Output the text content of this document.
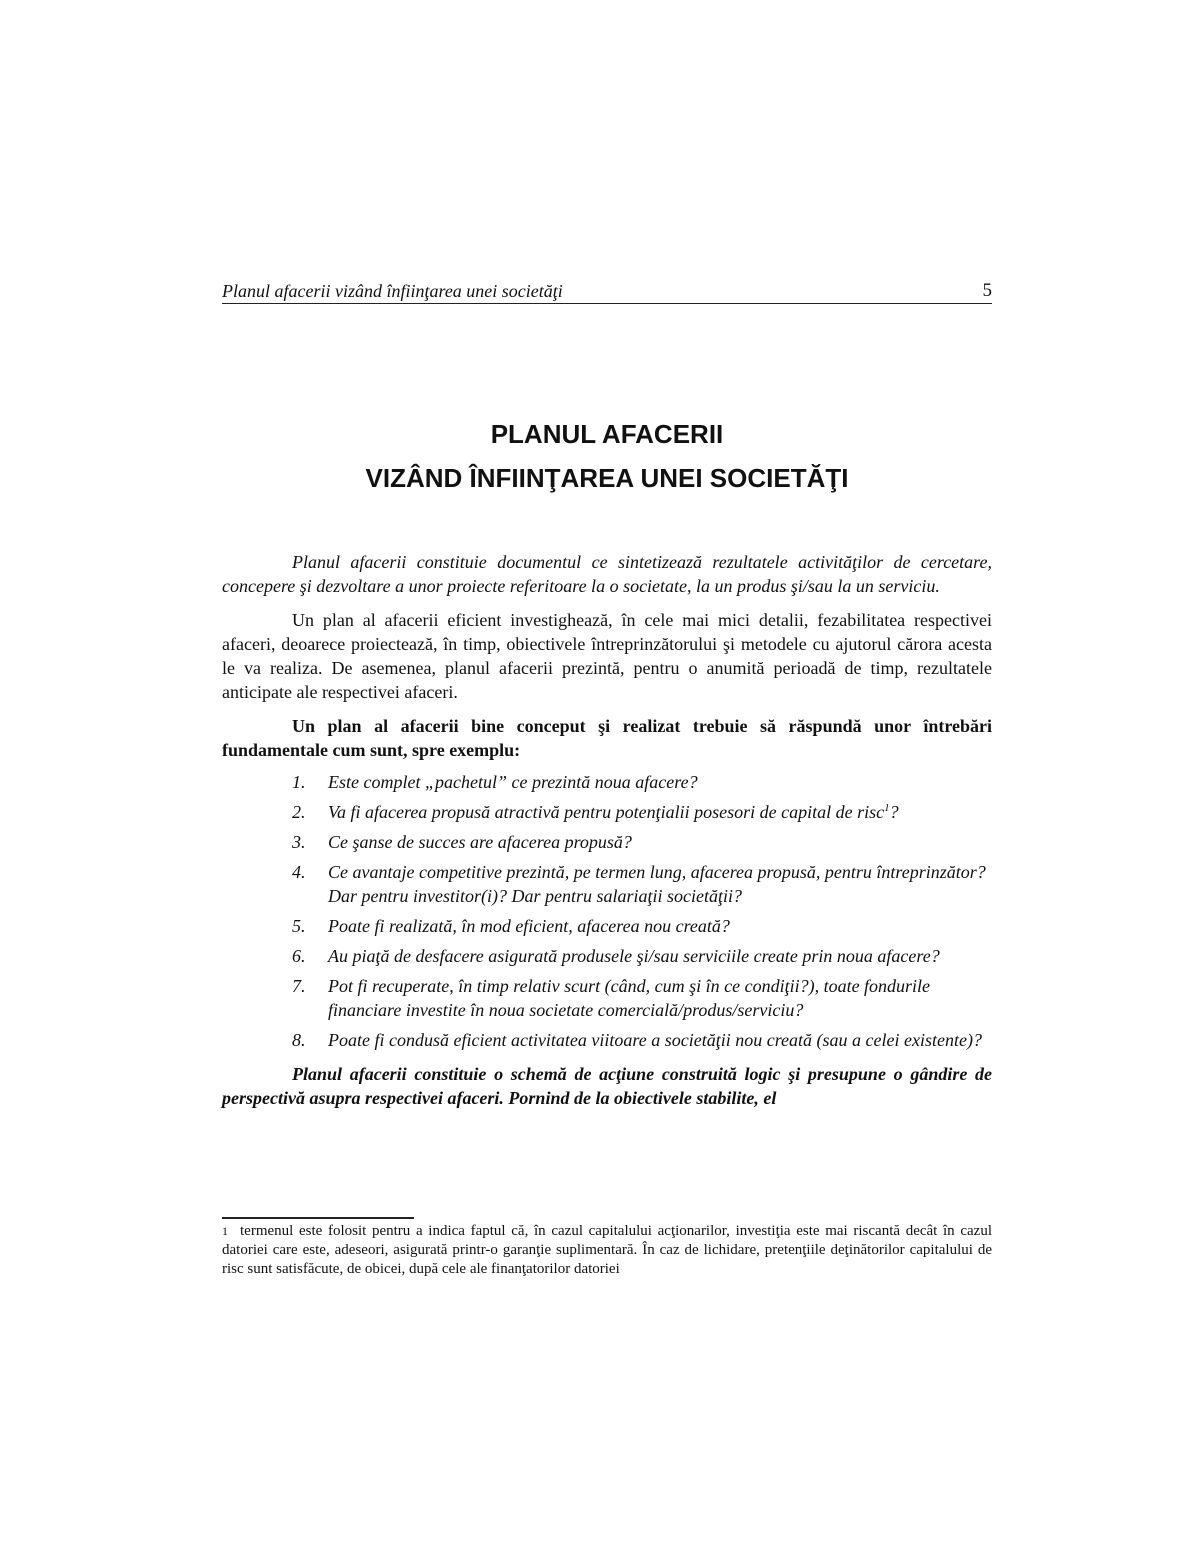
Planul afacerii vizând înfiinţarea unei societăţi	5
PLANUL AFACERII
VIZÂND ÎNFIINŢAREA UNEI SOCIETĂŢI

Planul afacerii constituie documentul ce sintetizează rezultatele activităţilor de cercetare, concepere şi dezvoltare a unor proiecte referitoare la o societate, la un produs şi/sau la un serviciu.

Un plan al afacerii eficient investighează, în cele mai mici detalii, fezabilitatea respectivei afaceri, deoarece proiectează, în timp, obiectivele întreprinzătorului şi metodele cu ajutorul cărora acesta le va realiza. De asemenea, planul afacerii prezintă, pentru o anumită perioadă de timp, rezultatele anticipate ale respectivei afaceri.

Un plan al afacerii bine conceput şi realizat trebuie să răspundă unor întrebări fundamentale cum sunt, spre exemplu:

1.	Este complet „pachetul” ce prezintă noua afacere?
2.	Va fi afacerea propusă atractivă pentru potenţialii posesori de capital de risc$^1$?
3.	Ce şanse de succes are afacerea propusă?
4.	Ce avantaje competitive prezintă, pe termen lung, afacerea propusă, pentru întreprinzător? Dar pentru investitor(i)? Dar pentru salariaţii societăţii?
5.	Poate fi realizată, în mod eficient, afacerea nou creată?
6.	Au piaţă de desfacere asigurată produsele şi/sau serviciile create prin noua afacere?
7.	Pot fi recuperate, în timp relativ scurt (când, cum şi în ce condiţii?), toate fondurile financiare investite în noua societate comercială/produs/serviciu?
8.	Poate fi condusă eficient activitatea viitoare a societăţii nou creată (sau a celei existente)?

Planul afacerii constituie o schemă de acţiune construită logic şi presupune o gândire de perspectivă asupra respectivei afaceri. Pornind de la obiectivele stabilite, el

1 termenul este folosit pentru a indica faptul că, în cazul capitalului acţionarilor, investiţia este mai riscantă decât în cazul datoriei care este, adeseori, asigurată printr-o garanţie suplimentară. În caz de lichidare, pretenţiile deţinătorilor capitalului de risc sunt satisfăcute, de obicei, după cele ale finanţatorilor datoriei
